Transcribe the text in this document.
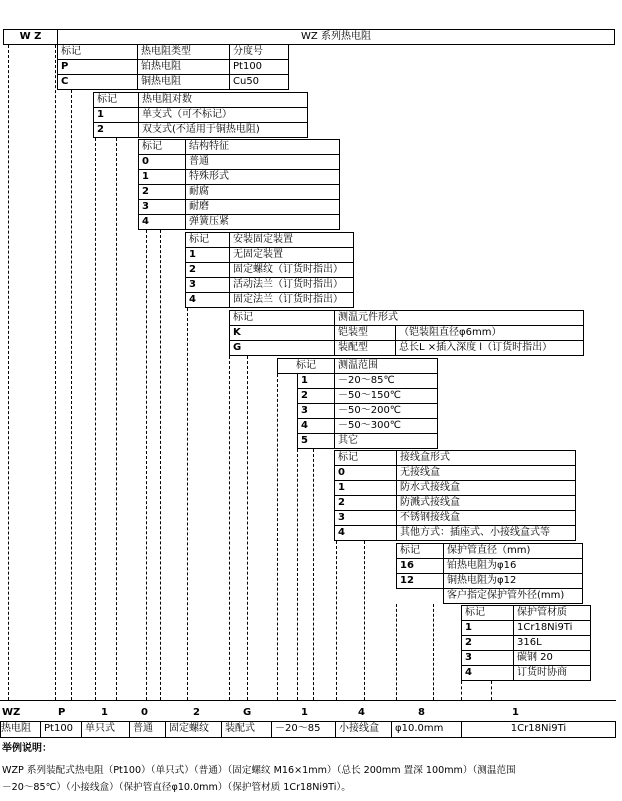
W Z	WZ 系列热电阻
标记	热电阻类型	分度号
P	铂热电阻	Pt100
C	铜热电阻	Cu50
标记	热电阻对数
1	单支式（可不标记）
2	双支式(不适用于铜热电阻)
标记	结构特征
0	普通
1	特殊形式
2	耐腐
3	耐磨
4	弹簧压紧
标记	安装固定装置
1	无固定装置
2	固定螺纹（订货时指出）
3	活动法兰（订货时指出）
4	固定法兰（订货时指出）
标记	测温元件形式
K	铠装型	（铠装阻直径φ6mm）
G	装配型	总长L ×插入深度 l（订货时指出）
标记	测温范围
1	－20～85℃
2	－50～150℃
3	－50～200℃
4	－50～300℃
5	其它
标记	接线盒形式
0	无接线盒
1	防水式接线盒
2	防溅式接线盒
3	不锈钢接线盒
4	其他方式：插座式、小接线盒式等
标记	保护管直径（mm)
16	铂热电阻为φ16
12	铜热电阻为φ12
客户指定保护管外径(mm)
标记	保护管材质
1	1Cr18Ni9Ti
2	316L
3	碳钢 20
4	订货时协商
WZ	P	1	0	2	G	1	4	8	1
热电阻	Pt100	单只式	普通	固定螺纹	装配式	－20～85	小接线盒	φ10.0mm	1Cr18Ni9Ti
举例说明：
WZP 系列装配式热电阻（Pt100）（单只式）（普通）（固定螺纹 M16×1mm）（总长 200mm 置深 100mm）（测温范围
－20～85℃）（小接线盒）（保护管直径φ10.0mm）（保护管材质 1Cr18Ni9Ti）。
